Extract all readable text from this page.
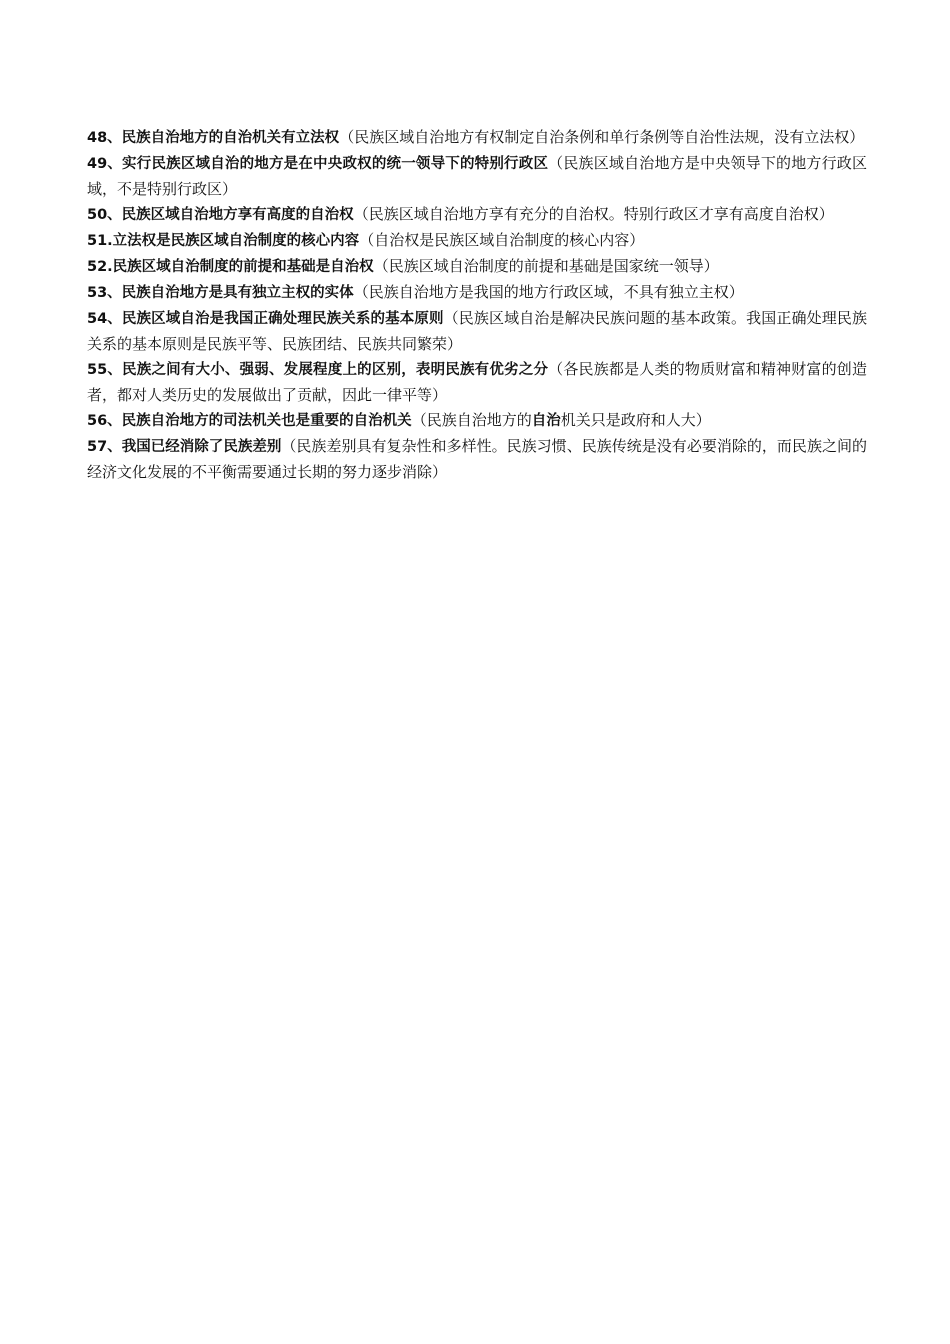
48、民族自治地方的自治机关有立法权（民族区域自治地方有权制定自治条例和单行条例等自治性法规，没有立法权）

49、实行民族区域自治的地方是在中央政权的统一领导下的特别行政区（民族区域自治地方是中央领导下的地方行政区域，不是特别行政区）

50、民族区域自治地方享有高度的自治权（民族区域自治地方享有充分的自治权。特别行政区才享有高度自治权）

51.立法权是民族区域自治制度的核心内容（自治权是民族区域自治制度的核心内容）

52.民族区域自治制度的前提和基础是自治权（民族区域自治制度的前提和基础是国家统一领导）

53、民族自治地方是具有独立主权的实体（民族自治地方是我国的地方行政区域，不具有独立主权）

54、民族区域自治是我国正确处理民族关系的基本原则（民族区域自治是解决民族问题的基本政策。我国正确处理民族关系的基本原则是民族平等、民族团结、民族共同繁荣）

55、民族之间有大小、强弱、发展程度上的区别，表明民族有优劣之分（各民族都是人类的物质财富和精神财富的创造者，都对人类历史的发展做出了贡献，因此一律平等）

56、民族自治地方的司法机关也是重要的自治机关（民族自治地方的自治机关只是政府和人大）

57、我国已经消除了民族差别（民族差别具有复杂性和多样性。民族习惯、民族传统是没有必要消除的，而民族之间的经济文化发展的不平衡需要通过长期的努力逐步消除）
